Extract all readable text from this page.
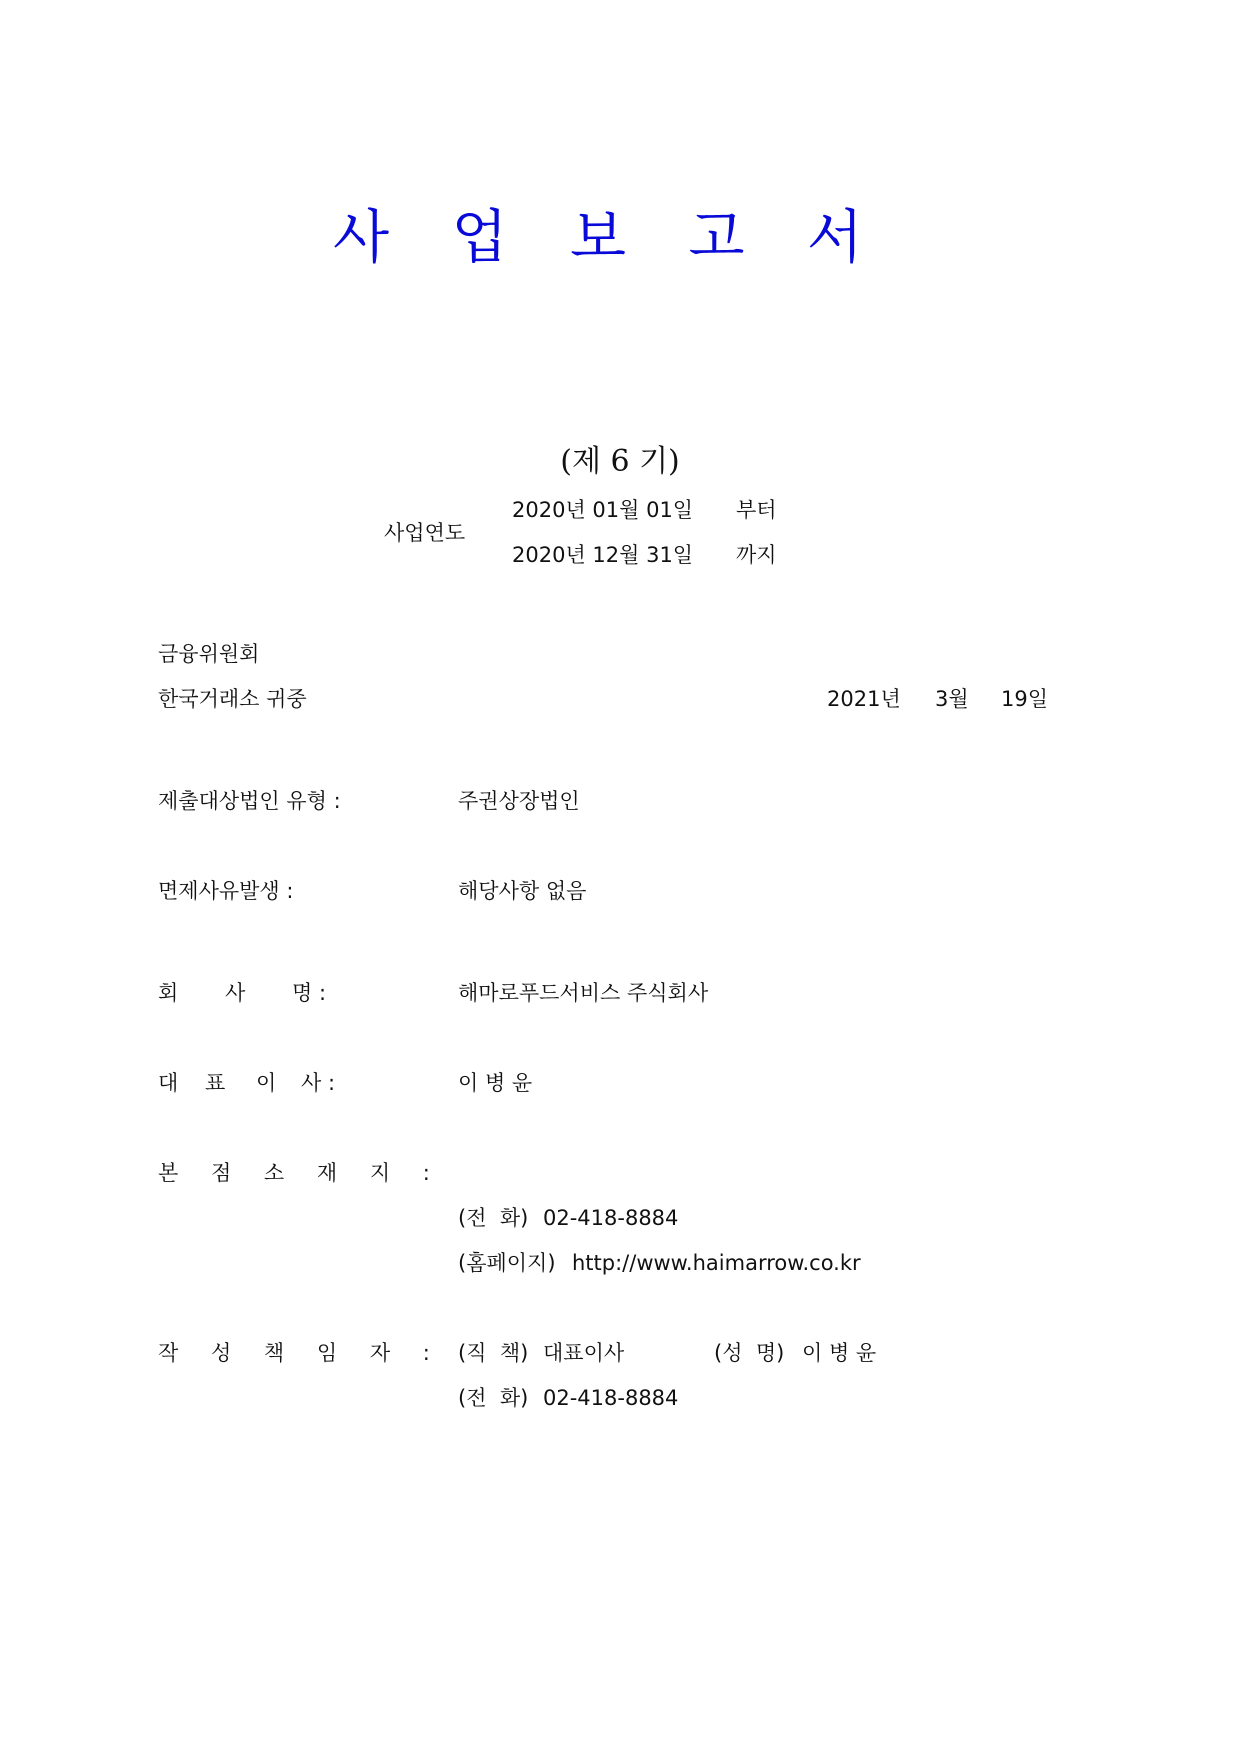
사 업 보 고 서
(제 6 기)
사업연도
2020년 01월 01일 부터
2020년 12월 31일 까지
금융위원회
한국거래소 귀중	2021년 3월 19일
제출대상법인 유형 :	주권상장법인
면제사유발생 :	해당사항 없음
회 사 명 :	해마로푸드서비스 주식회사
대 표 이 사 :	이 병 윤
본 점 소 재 지 :
(전  화) 02-418-8884
(홈페이지) http://www.haimarrow.co.kr
작 성 책 임 자 : (직  책) 대표이사	(성  명) 이 병 윤
(전  화) 02-418-8884
